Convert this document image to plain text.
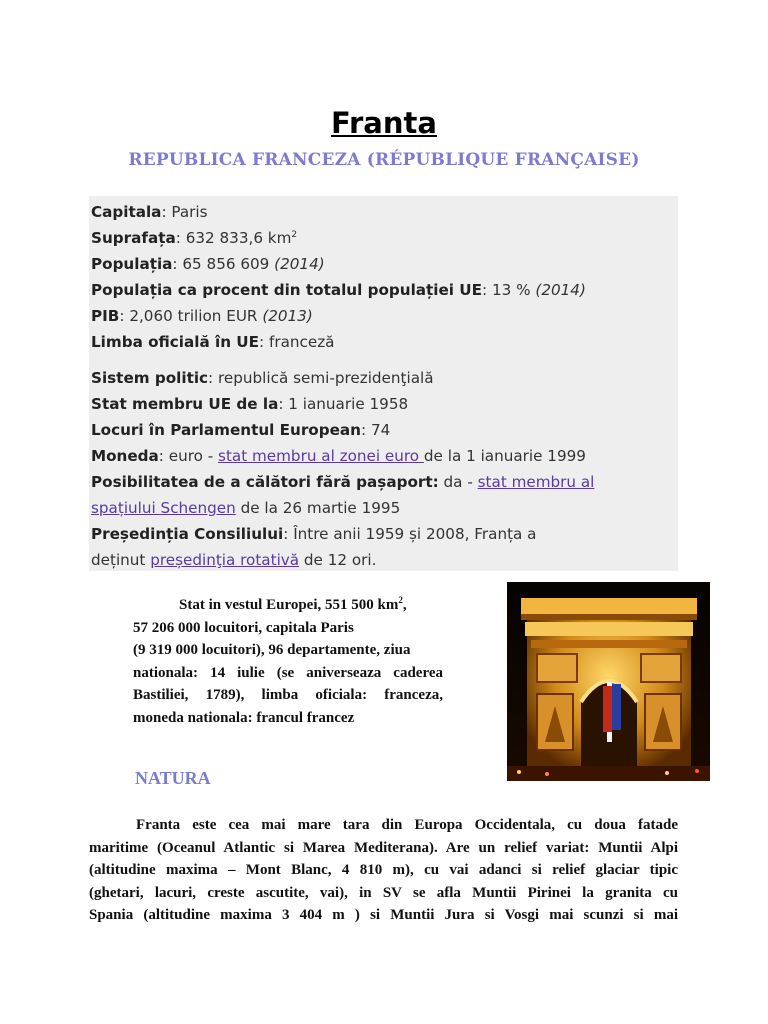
Franta
REPUBLICA FRANCEZA (RÉPUBLIQUE FRANÇAISE)
Capitala: Paris
Suprafața: 632 833,6 $km^2$
Populația: 65 856 609 (2014)
Populația ca procent din totalul populației UE: 13 % (2014)
PIB: 2,060 trilion EUR (2013)
Limba oficială în UE: franceză
Sistem politic: republică semi-prezidenţială
Stat membru UE de la: 1 ianuarie 1958
Locuri în Parlamentul European: 74
Moneda: euro - stat membru al zonei euro de la 1 ianuarie 1999
Posibilitatea de a călători fără pașaport: da - stat membru al
spațiului Schengen de la 26 martie 1995
Președinția Consiliului: Între anii 1959 și 2008, Franța a
deținut președinţia rotativă de 12 ori.
Stat in vestul Europei, 551 500 $km^2$,
57 206 000 locuitori, capitala Paris
(9 319 000 locuitori), 96 departamente, ziua
nationala: 14 iulie (se aniverseaza caderea
Bastiliei, 1789), limba oficiala: franceza,
moneda nationala: francul francez
NATURA
Franta este cea mai mare tara din Europa Occidentala, cu doua fatade
maritime (Oceanul Atlantic si Marea Mediterana). Are un relief variat: Muntii Alpi
(altitudine maxima – Mont Blanc, 4 810 m), cu vai adanci si relief glaciar tipic
(ghetari, lacuri, creste ascutite, vai), in SV se afla Muntii Pirinei la granita cu
Spania (altitudine maxima 3 404 m ) si Muntii Jura si Vosgi mai scunzi si mai
